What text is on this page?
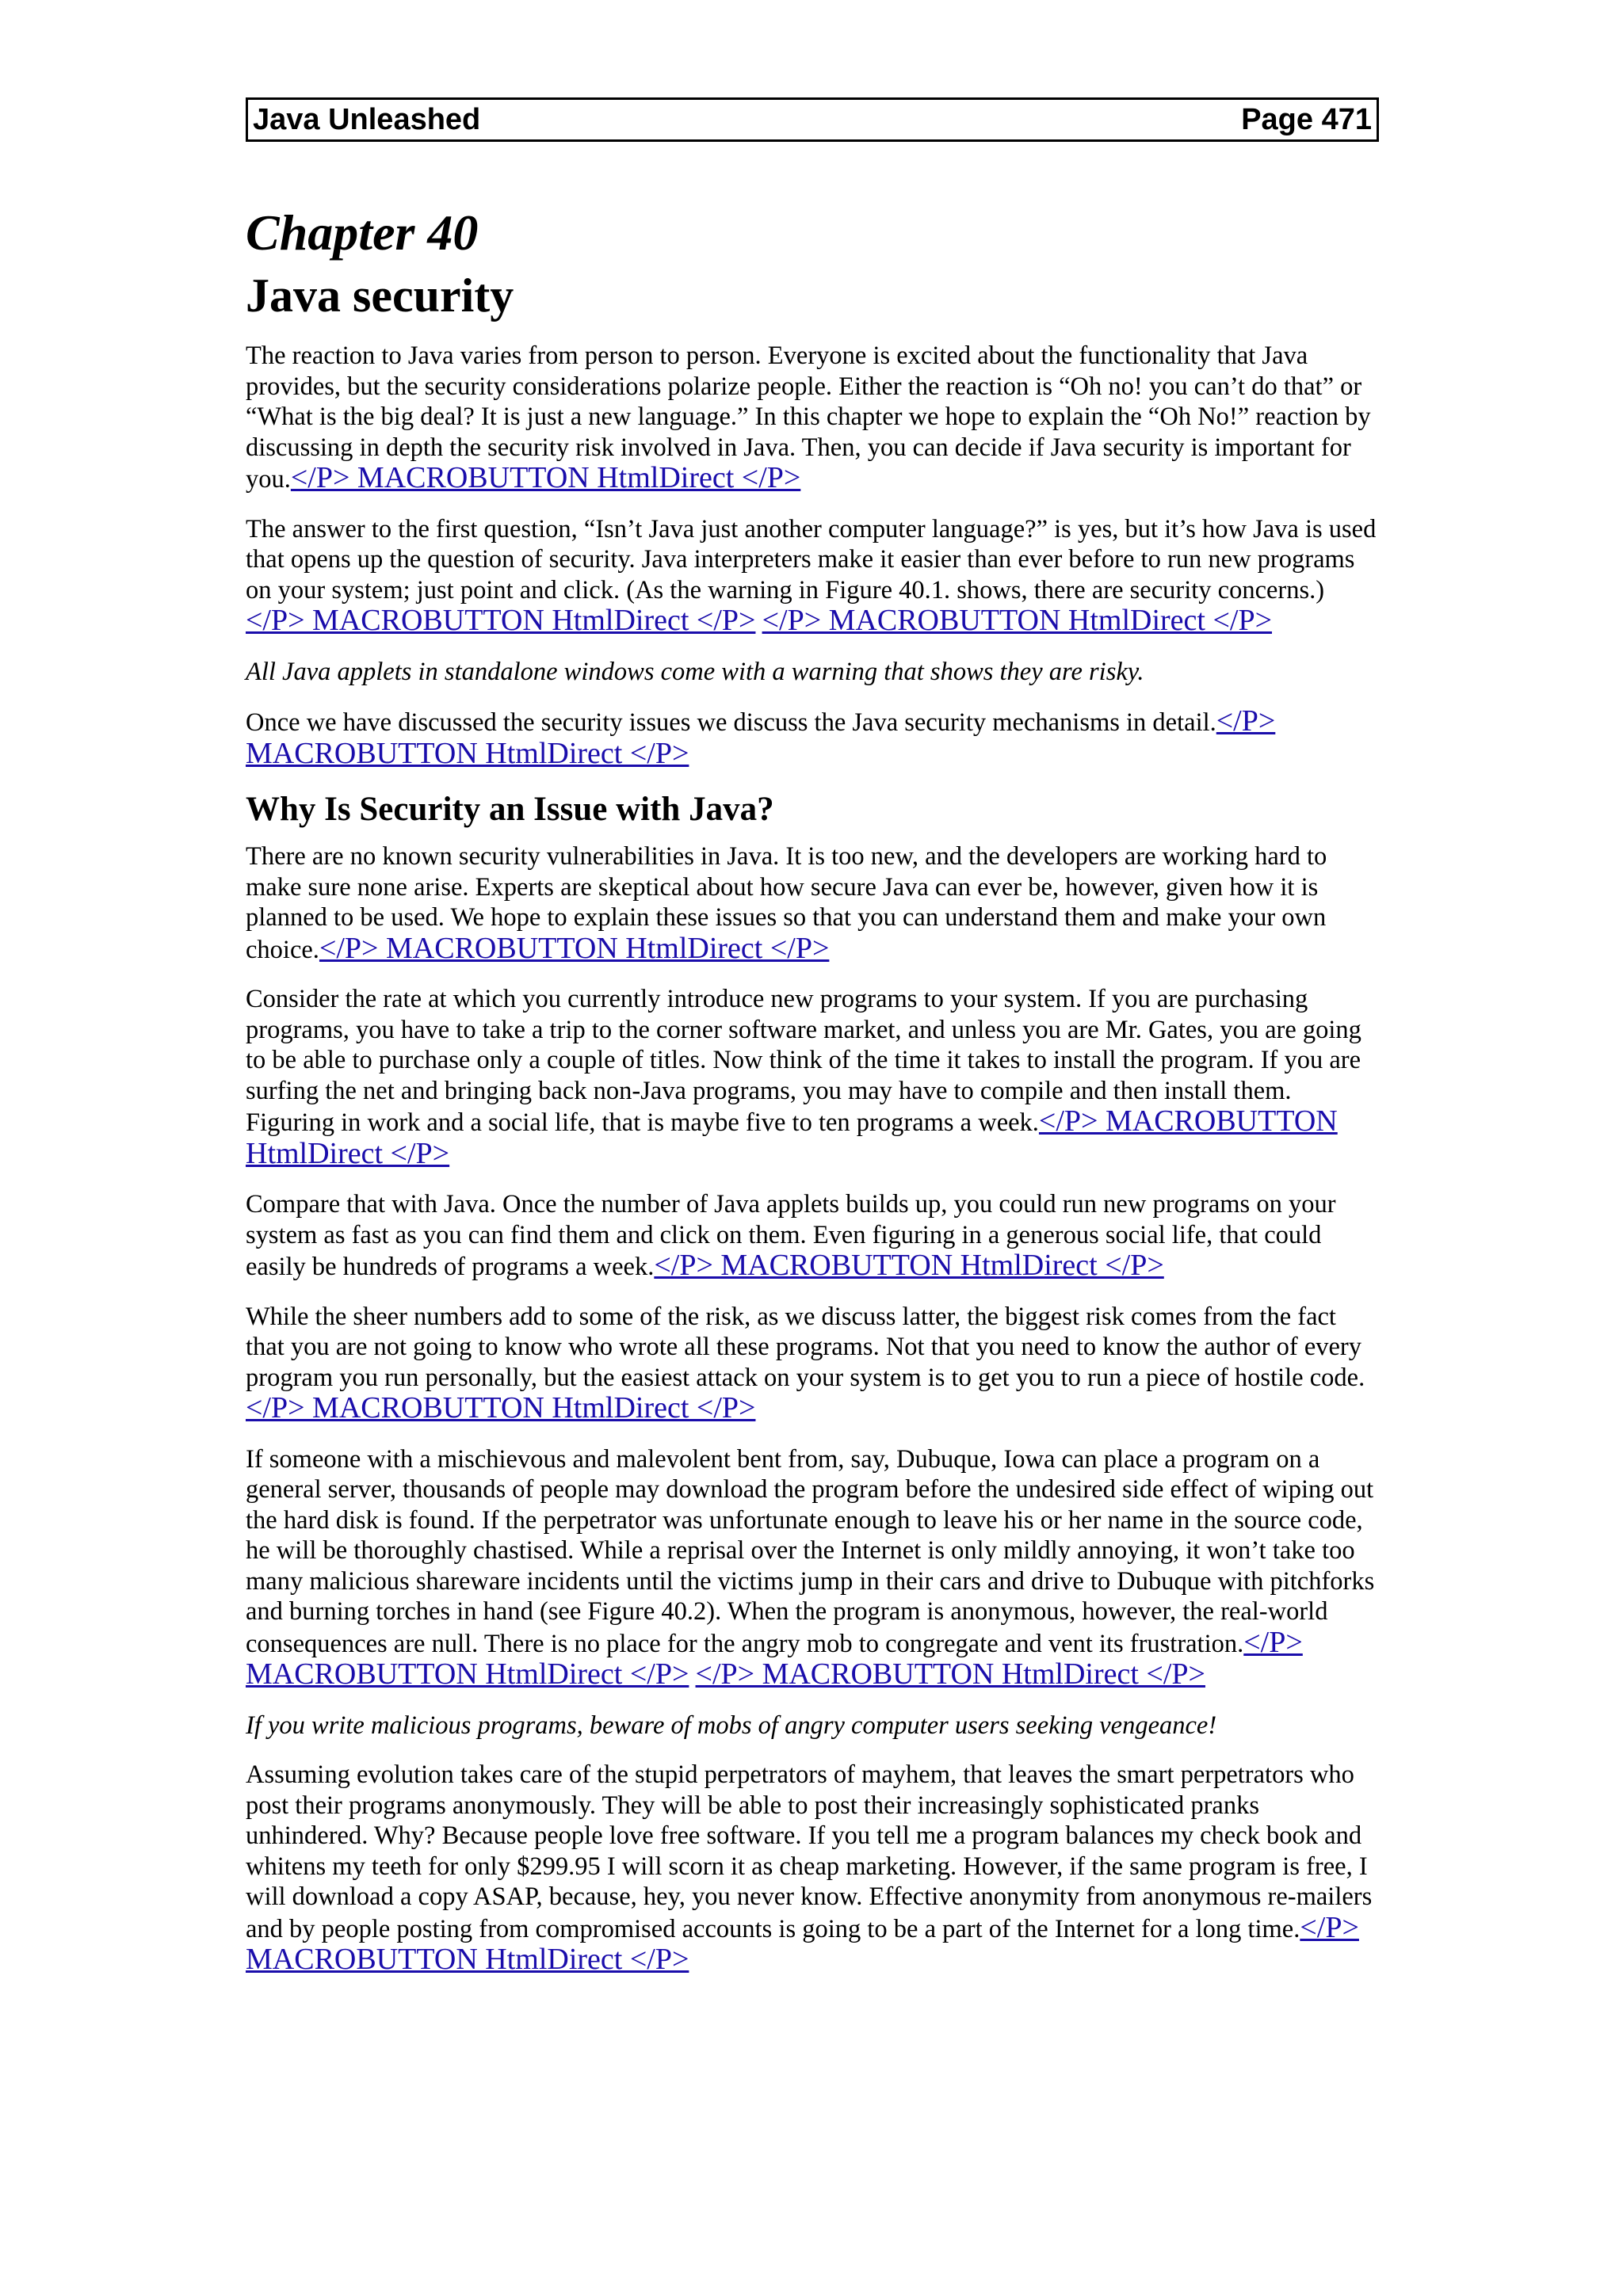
Java Unleashed	Page 471
Chapter 40
Java security

The reaction to Java varies from person to person. Everyone is excited about the functionality that Java provides, but the security considerations polarize people. Either the reaction is “Oh no! you can’t do that” or “What is the big deal? It is just a new language.” In this chapter we hope to explain the “Oh No!” reaction by discussing in depth the security risk involved in Java. Then, you can decide if Java security is important for you.</P> MACROBUTTON HtmlDirect </P>

The answer to the first question, “Isn’t Java just another computer language?” is yes, but it’s how Java is used that opens up the question of security. Java interpreters make it easier than ever before to run new programs on your system; just point and click. (As the warning in Figure 40.1. shows, there are security concerns.)</P> MACROBUTTON HtmlDirect </P> </P> MACROBUTTON HtmlDirect </P>

All Java applets in standalone windows come with a warning that shows they are risky.

Once we have discussed the security issues we discuss the Java security mechanisms in detail.</P> MACROBUTTON HtmlDirect </P>

Why Is Security an Issue with Java?

There are no known security vulnerabilities in Java. It is too new, and the developers are working hard to make sure none arise. Experts are skeptical about how secure Java can ever be, however, given how it is planned to be used. We hope to explain these issues so that you can understand them and make your own choice.</P> MACROBUTTON HtmlDirect </P>

Consider the rate at which you currently introduce new programs to your system. If you are purchasing programs, you have to take a trip to the corner software market, and unless you are Mr. Gates, you are going to be able to purchase only a couple of titles. Now think of the time it takes to install the program. If you are surfing the net and bringing back non-Java programs, you may have to compile and then install them. Figuring in work and a social life, that is maybe five to ten programs a week.</P> MACROBUTTON HtmlDirect </P>

Compare that with Java. Once the number of Java applets builds up, you could run new programs on your system as fast as you can find them and click on them. Even figuring in a generous social life, that could easily be hundreds of programs a week.</P> MACROBUTTON HtmlDirect </P>

While the sheer numbers add to some of the risk, as we discuss latter, the biggest risk comes from the fact that you are not going to know who wrote all these programs. Not that you need to know the author of every program you run personally, but the easiest attack on your system is to get you to run a piece of hostile code.</P> MACROBUTTON HtmlDirect </P>

If someone with a mischievous and malevolent bent from, say, Dubuque, Iowa can place a program on a general server, thousands of people may download the program before the undesired side effect of wiping out the hard disk is found. If the perpetrator was unfortunate enough to leave his or her name in the source code, he will be thoroughly chastised. While a reprisal over the Internet is only mildly annoying, it won’t take too many malicious shareware incidents until the victims jump in their cars and drive to Dubuque with pitchforks and burning torches in hand (see Figure 40.2). When the program is anonymous, however, the real-world consequences are null. There is no place for the angry mob to congregate and vent its frustration.</P> MACROBUTTON HtmlDirect </P> </P> MACROBUTTON HtmlDirect </P>

If you write malicious programs, beware of mobs of angry computer users seeking vengeance!

Assuming evolution takes care of the stupid perpetrators of mayhem, that leaves the smart perpetrators who post their programs anonymously. They will be able to post their increasingly sophisticated pranks unhindered. Why? Because people love free software. If you tell me a program balances my check book and whitens my teeth for only $299.95 I will scorn it as cheap marketing. However, if the same program is free, I will download a copy ASAP, because, hey, you never know. Effective anonymity from anonymous re-mailers and by people posting from compromised accounts is going to be a part of the Internet for a long time.</P> MACROBUTTON HtmlDirect </P>
